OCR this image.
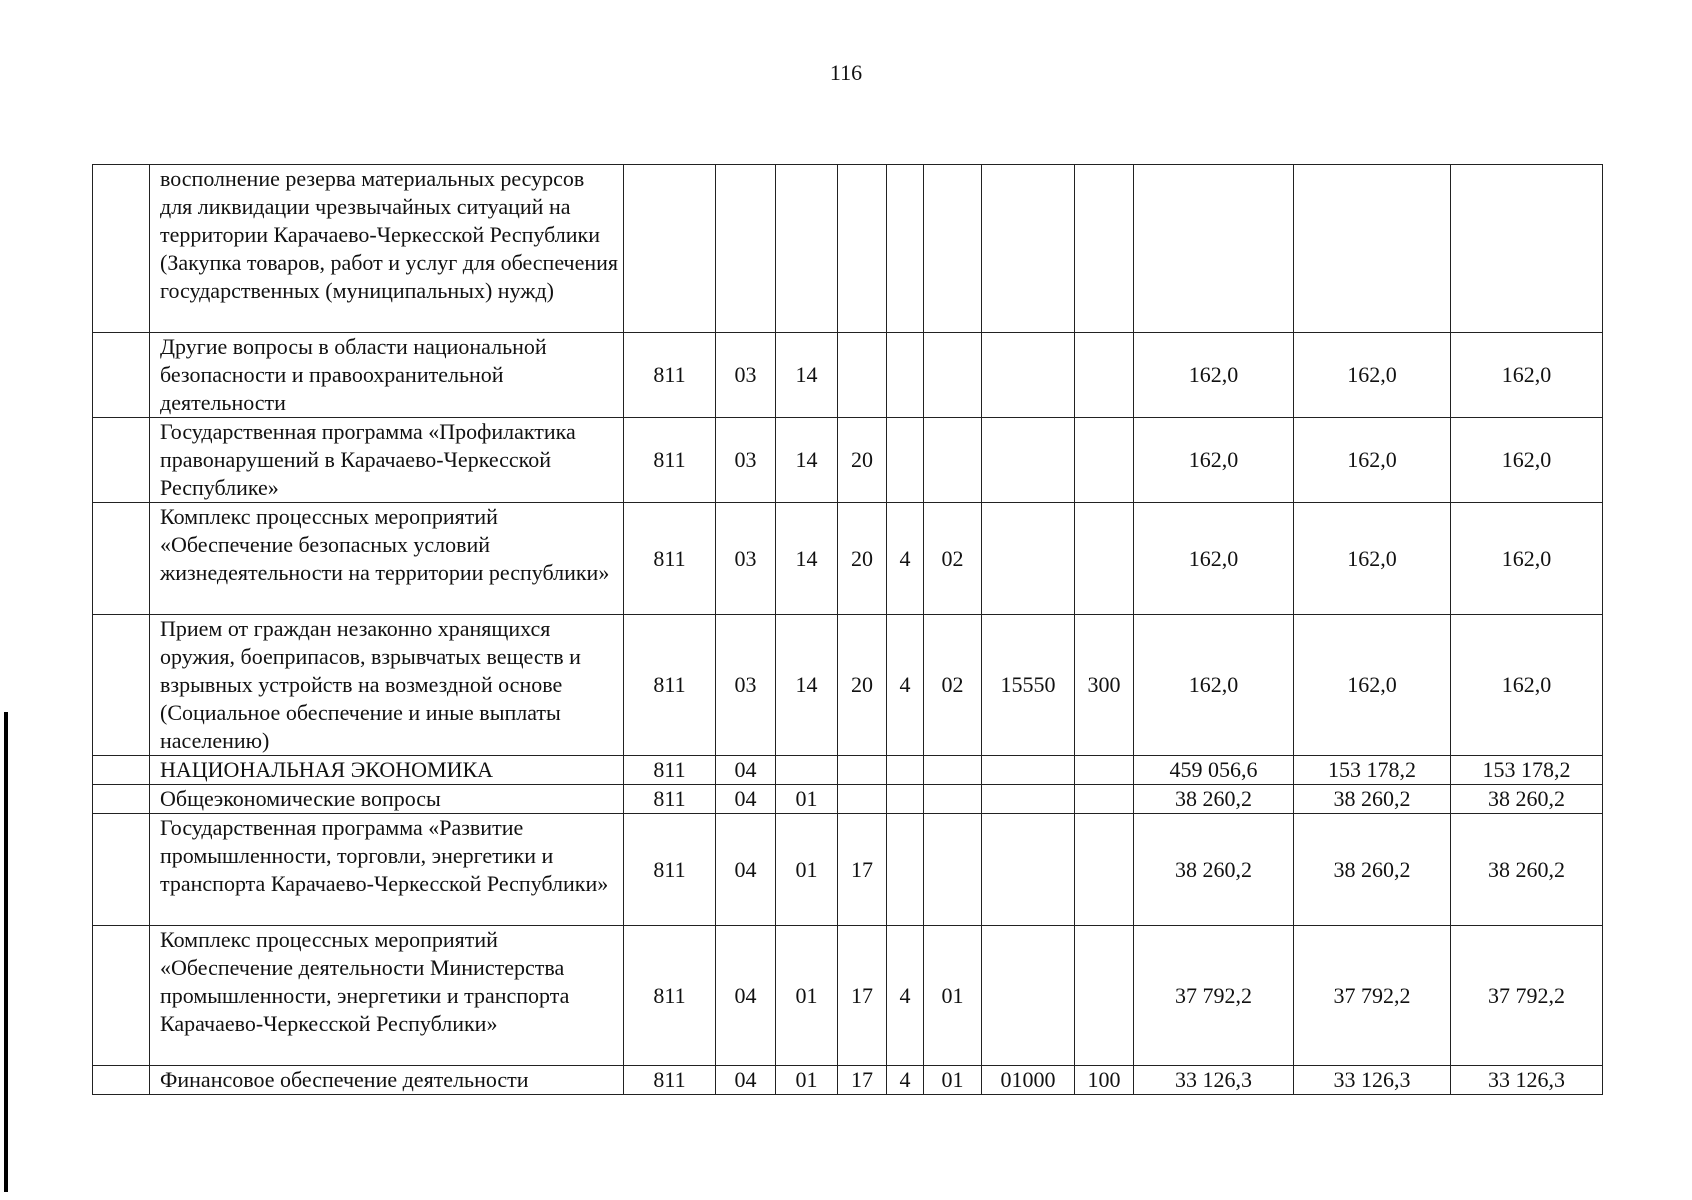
116
	восполнение резерва материальных ресурсов для ликвидации чрезвычайных ситуаций на территории Карачаево-Черкесской Республики (Закупка товаров, работ и услуг для обеспечения государственных (муниципальных) нужд)											
	Другие вопросы в области национальной безопасности и правоохранительной деятельности	811	03	14						162,0	162,0	162,0
	Государственная программа «Профилактика правонарушений в Карачаево-Черкесской Республике»	811	03	14	20					162,0	162,0	162,0
	Комплекс процессных мероприятий «Обеспечение безопасных условий жизнедеятельности на территории республики»	811	03	14	20	4	02			162,0	162,0	162,0
	Прием от граждан незаконно хранящихся оружия, боеприпасов, взрывчатых веществ и взрывных устройств на возмездной основе (Социальное обеспечение и иные выплаты населению)	811	03	14	20	4	02	15550	300	162,0	162,0	162,0
	НАЦИОНАЛЬНАЯ ЭКОНОМИКА	811	04							459 056,6	153 178,2	153 178,2
	Общеэкономические вопросы	811	04	01						38 260,2	38 260,2	38 260,2
	Государственная программа «Развитие промышленности, торговли, энергетики и транспорта Карачаево-Черкесской Республики»	811	04	01	17					38 260,2	38 260,2	38 260,2
	Комплекс процессных мероприятий «Обеспечение деятельности Министерства промышленности, энергетики и транспорта Карачаево-Черкесской Республики»	811	04	01	17	4	01			37 792,2	37 792,2	37 792,2
	Финансовое обеспечение деятельности	811	04	01	17	4	01	01000	100	33 126,3	33 126,3	33 126,3
